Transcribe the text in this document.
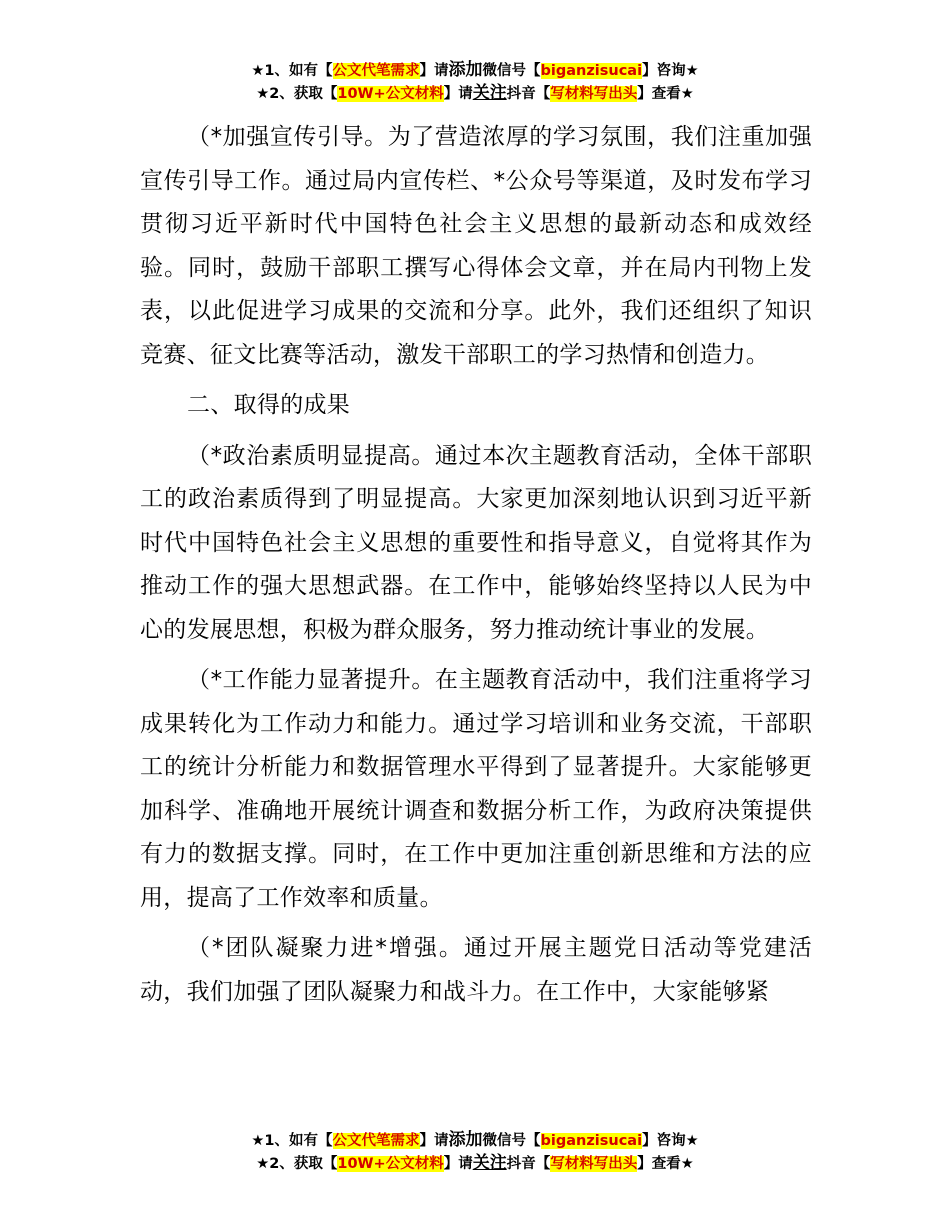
★1、如有【公文代笔需求】请添加微信号【biganzisucai】咨询★
★2、获取【10W+公文材料】请关注抖音【写材料写出头】查看★

（*加强宣传引导。为了营造浓厚的学习氛围，我们注重加强宣传引导工作。通过局内宣传栏、*公众号等渠道，及时发布学习贯彻习近平新时代中国特色社会主义思想的最新动态和成效经验。同时，鼓励干部职工撰写心得体会文章，并在局内刊物上发表，以此促进学习成果的交流和分享。此外，我们还组织了知识竞赛、征文比赛等活动，激发干部职工的学习热情和创造力。

二、取得的成果

（*政治素质明显提高。通过本次主题教育活动，全体干部职工的政治素质得到了明显提高。大家更加深刻地认识到习近平新时代中国特色社会主义思想的重要性和指导意义，自觉将其作为推动工作的强大思想武器。在工作中，能够始终坚持以人民为中心的发展思想，积极为群众服务，努力推动统计事业的发展。

（*工作能力显著提升。在主题教育活动中，我们注重将学习成果转化为工作动力和能力。通过学习培训和业务交流，干部职工的统计分析能力和数据管理水平得到了显著提升。大家能够更加科学、准确地开展统计调查和数据分析工作，为政府决策提供有力的数据支撑。同时，在工作中更加注重创新思维和方法的应用，提高了工作效率和质量。

（*团队凝聚力进*增强。通过开展主题党日活动等党建活动，我们加强了团队凝聚力和战斗力。在工作中，大家能够紧

★1、如有【公文代笔需求】请添加微信号【biganzisucai】咨询★
★2、获取【10W+公文材料】请关注抖音【写材料写出头】查看★
